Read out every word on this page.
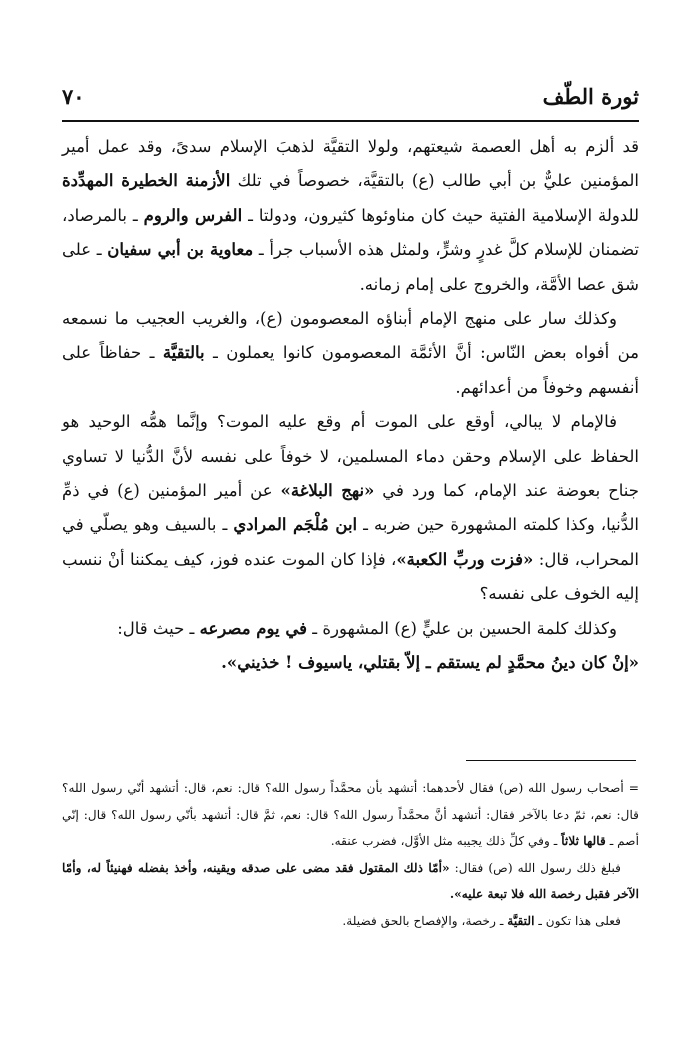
ثورة الطّف
٧٠

قد ألزم به أهل العصمة شيعتهم، ولولا التقيَّة لذهبَ الإسلام سدىً، وقد عمل أمير المؤمنين عليٌّ بن أبي طالب (ع) بالتقيَّة، خصوصاً في تلك الأزمنة الخطيرة المهدِّدة للدولة الإسلامية الفتية حيث كان مناوئوها كثيرون، ودولتا ـ الفرس والروم ـ بالمرصاد، تضمنان للإسلام كلَّ غدرٍ وشرٍّ، ولمثل هذه الأسباب جرأ ـ معاوية بن أبي سفيان ـ على شق عصا الأمَّة، والخروج على إمام زمانه.

وكذلك سار على منهج الإمام أبناؤه المعصومون (ع)، والغريب العجيب ما نسمعه من أفواه بعض النّاس: أنَّ الأئمَّة المعصومون كانوا يعملون ـ بالتقيَّة ـ حفاظاً على أنفسهم وخوفاً من أعدائهم.

فالإمام لا يبالي، أوقع على الموت أم وقع عليه الموت؟ وإنَّما همُّه الوحيد هو الحفاظ على الإسلام وحقن دماء المسلمين، لا خوفاً على نفسه لأنَّ الدُّنيا لا تساوي جناح بعوضة عند الإمام، كما ورد في «نهج البلاغة» عن أمير المؤمنين (ع) في ذمِّ الدُّنيا، وكذا كلمته المشهورة حين ضربه ـ ابن مُلْجَم المرادي ـ بالسيف وهو يصلّي في المحراب، قال: «فزت وربِّ الكعبة»، فإذا كان الموت عنده فوز، كيف يمكننا أنْ ننسب إليه الخوف على نفسه؟

وكذلك كلمة الحسين بن عليٍّ (ع) المشهورة ـ في يوم مصرعه ـ حيث قال:

«إنْ كان دينُ محمَّدٍ لم يستقم ـ إلاّ بقتلي، ياسيوف ! خذيني».

= أصحاب رسول الله (ص) فقال لأحدهما: أتشهد بأن محمَّداً رسول الله؟ قال: نعم، قال: أتشهد أنّي رسول الله؟ قال: نعم، ثمّ دعا بالآخر فقال: أتشهد أنَّ محمَّداً رسول الله؟ قال: نعم، ثمَّ قال: أتشهد بأنّي رسول الله؟ قال: إنّي أصم ـ قالها ثلاثاً ـ وفي كلِّ ذلك يجيبه مثل الأوَّل، فضرب عنقه.

فبلغ ذلك رسول الله (ص) فقال: «أمّا ذلك المقتول فقد مضى على صدقه ويقينه، وأخذ بفضله فهنيئاً له، وأمّا الآخر فقبل رخصة الله فلا تبعة عليه».

فعلى هذا تكون ـ التقيَّة ـ رخصة، والإفصاح بالحق فضيلة.
